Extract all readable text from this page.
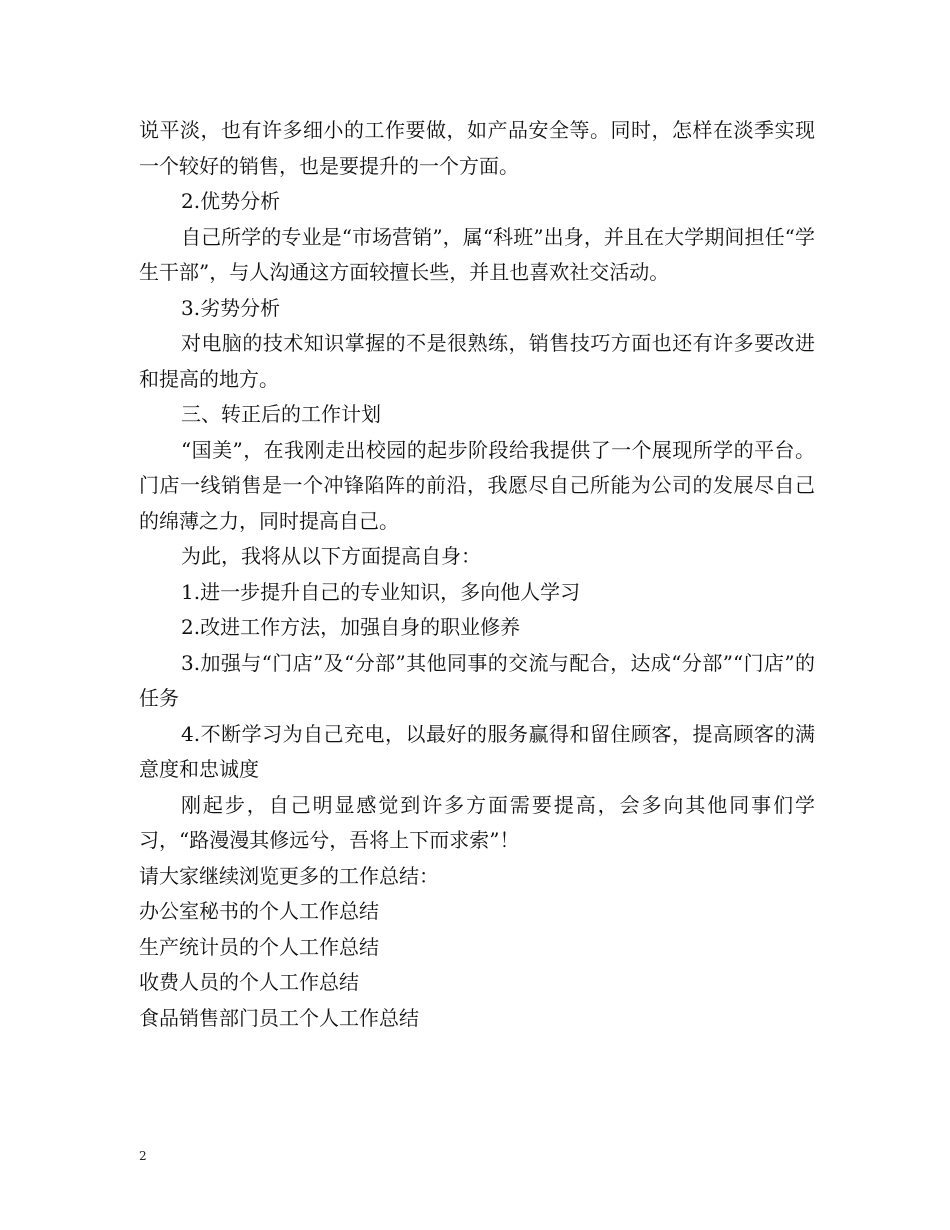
说平淡，也有许多细小的工作要做，如产品安全等。同时，怎样在淡季实现一个较好的销售，也是要提升的一个方面。

2.优势分析

自己所学的专业是“市场营销”，属“科班”出身，并且在大学期间担任“学生干部”，与人沟通这方面较擅长些，并且也喜欢社交活动。

3.劣势分析

对电脑的技术知识掌握的不是很熟练，销售技巧方面也还有许多要改进和提高的地方。

三、转正后的工作计划

“国美”，在我刚走出校园的起步阶段给我提供了一个展现所学的平台。门店一线销售是一个冲锋陷阵的前沿，我愿尽自己所能为公司的发展尽自己的绵薄之力，同时提高自己。

为此，我将从以下方面提高自身：

1.进一步提升自己的专业知识，多向他人学习

2.改进工作方法，加强自身的职业修养

3.加强与“门店”及“分部”其他同事的交流与配合，达成“分部”“门店”的任务

4.不断学习为自己充电，以最好的服务赢得和留住顾客，提高顾客的满意度和忠诚度

刚起步，自己明显感觉到许多方面需要提高，会多向其他同事们学习，“路漫漫其修远兮，吾将上下而求索”！

请大家继续浏览更多的工作总结：

办公室秘书的个人工作总结
生产统计员的个人工作总结
收费人员的个人工作总结
食品销售部门员工个人工作总结
2
